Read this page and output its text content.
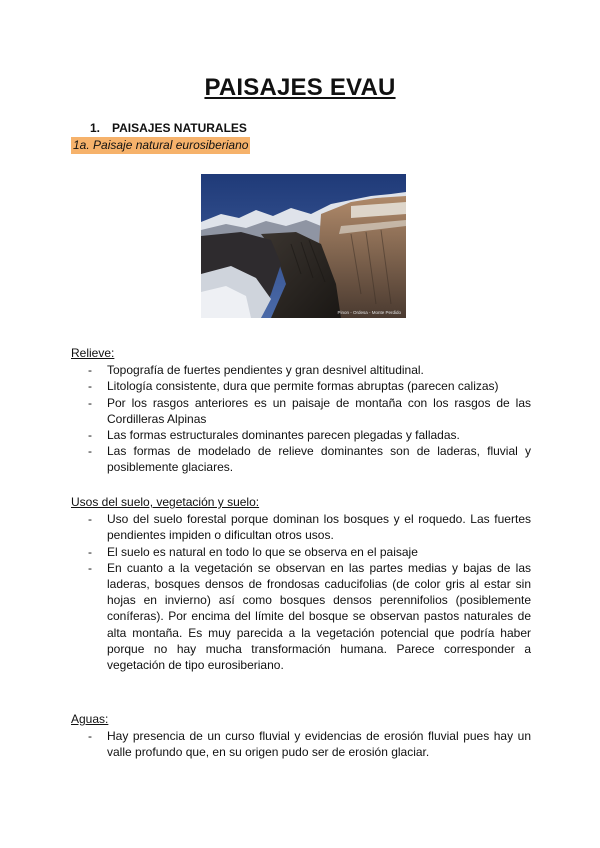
PAISAJES EVAU
1. PAISAJES NATURALES
1a. Paisaje natural eurosiberiano
Pinon - Ordesa - Monte Perdido
Relieve:
- Topografía de fuertes pendientes y gran desnivel altitudinal.
- Litología consistente, dura que permite formas abruptas (parecen calizas)
- Por los rasgos anteriores es un paisaje de montaña con los rasgos de las Cordilleras Alpinas
- Las formas estructurales dominantes parecen plegadas y falladas.
- Las formas de modelado de relieve dominantes son de laderas, fluvial y posiblemente glaciares.
Usos del suelo, vegetación y suelo:
- Uso del suelo forestal porque dominan los bosques y el roquedo. Las fuertes pendientes impiden o dificultan otros usos.
- El suelo es natural en todo lo que se observa en el paisaje
- En cuanto a la vegetación se observan en las partes medias y bajas de las laderas, bosques densos de frondosas caducifolias (de color gris al estar sin hojas en invierno) así como bosques densos perennifolios (posiblemente coníferas). Por encima del límite del bosque se observan pastos naturales de alta montaña. Es muy parecida a la vegetación potencial que podría haber porque no hay mucha transformación humana. Parece corresponder a vegetación de tipo eurosiberiano.
Aguas:
- Hay presencia de un curso fluvial y evidencias de erosión fluvial pues hay un valle profundo que, en su origen pudo ser de erosión glaciar.
